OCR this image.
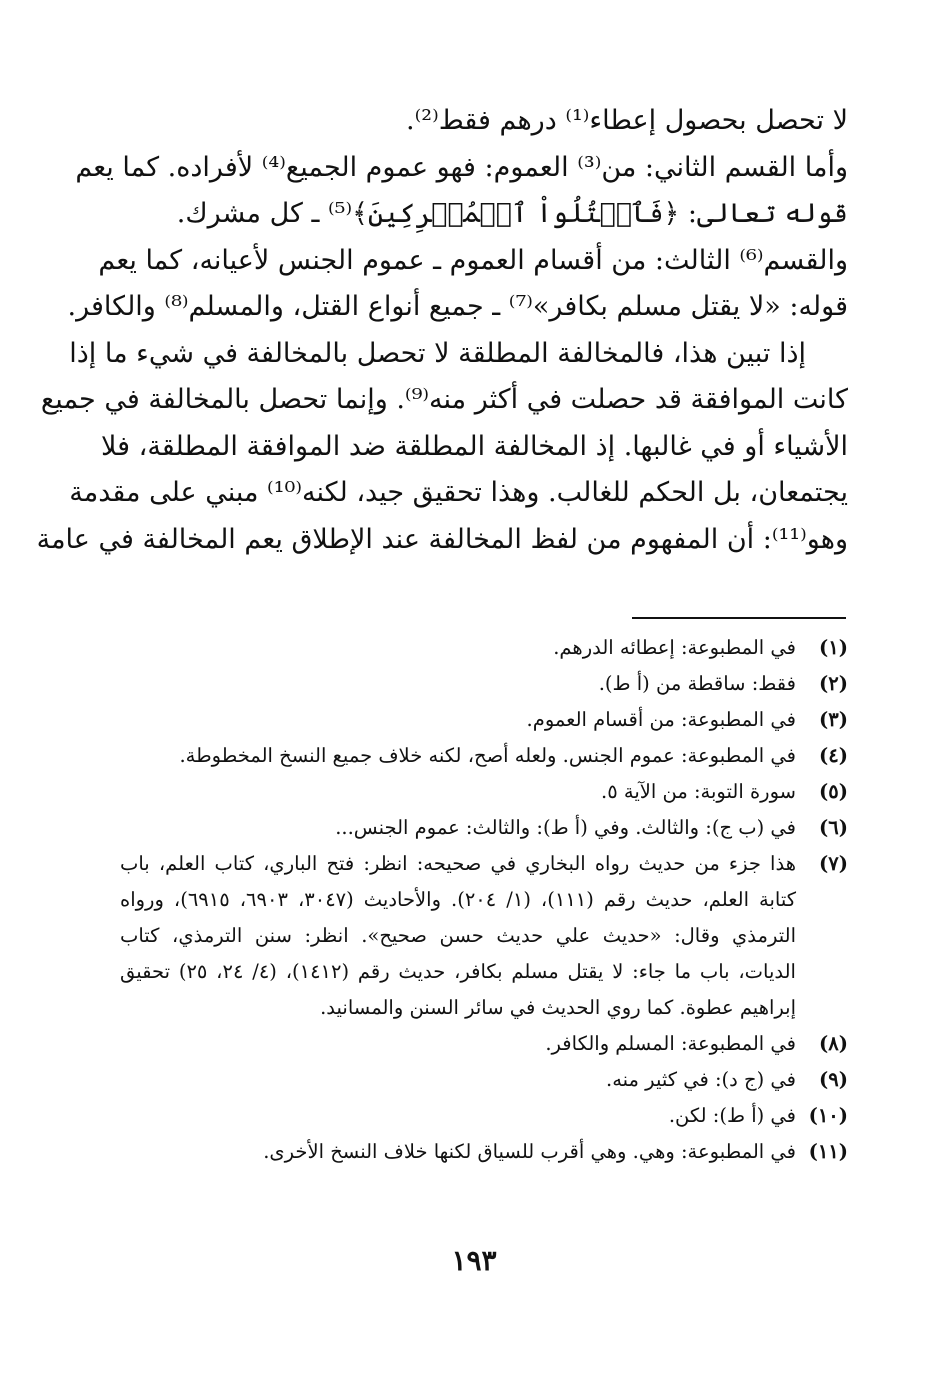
لا تحصل بحصول إعطاء⁽¹⁾ درهم فقط⁽²⁾.
وأما القسم الثاني: من⁽³⁾ العموم: فهو عموم الجميع⁽⁴⁾ لأفراده. كما يعم
قوله تعالى: ﴿فَٱقۡتُلُواْ ٱلۡمُشۡرِكِينَ﴾⁽⁵⁾ ـ كل مشرك.
والقسم⁽⁶⁾ الثالث: من أقسام العموم ـ عموم الجنس لأعيانه، كما يعم
قوله: «لا يقتل مسلم بكافر»⁽⁷⁾ ـ جميع أنواع القتل، والمسلم⁽⁸⁾ والكافر.
إذا تبين هذا، فالمخالفة المطلقة لا تحصل بالمخالفة في شيء ما إذا
كانت الموافقة قد حصلت في أكثر منه⁽⁹⁾. وإنما تحصل بالمخالفة في جميع
الأشياء أو في غالبها. إذ المخالفة المطلقة ضد الموافقة المطلقة، فلا
يجتمعان، بل الحكم للغالب. وهذا تحقيق جيد، لكنه⁽¹⁰⁾ مبني على مقدمة
وهو⁽¹¹⁾: أن المفهوم من لفظ المخالفة عند الإطلاق يعم المخالفة في عامة
(١)
في المطبوعة: إعطائه الدرهم.
(٢)
فقط: ساقطة من (أ ط).
(٣)
في المطبوعة: من أقسام العموم.
(٤)
في المطبوعة: عموم الجنس. ولعله أصح، لكنه خلاف جميع النسخ المخطوطة.
(٥)
سورة التوبة: من الآية ٥.
(٦)
في (ب ج): والثالث. وفي (أ ط): والثالث: عموم الجنس...
(٧)
هذا جزء من حديث رواه البخاري في صحيحه: انظر: فتح الباري، كتاب العلم، باب كتابة العلم، حديث رقم (١١١)، (١/ ٢٠٤). والأحاديث (٣٠٤٧، ٦٩٠٣، ٦٩١٥)، ورواه الترمذي وقال: «حديث علي حديث حسن صحيح». انظر: سنن الترمذي، كتاب الديات، باب ما جاء: لا يقتل مسلم بكافر، حديث رقم (١٤١٢)، (٤/ ٢٤، ٢٥) تحقيق إبراهيم عطوة. كما روي الحديث في سائر السنن والمسانيد.
(٨)
في المطبوعة: المسلم والكافر.
(٩)
في (ج د): في كثير منه.
(١٠)
في (أ ط): لكن.
(١١)
في المطبوعة: وهي. وهي أقرب للسياق لكنها خلاف النسخ الأخرى.
١٩٣
